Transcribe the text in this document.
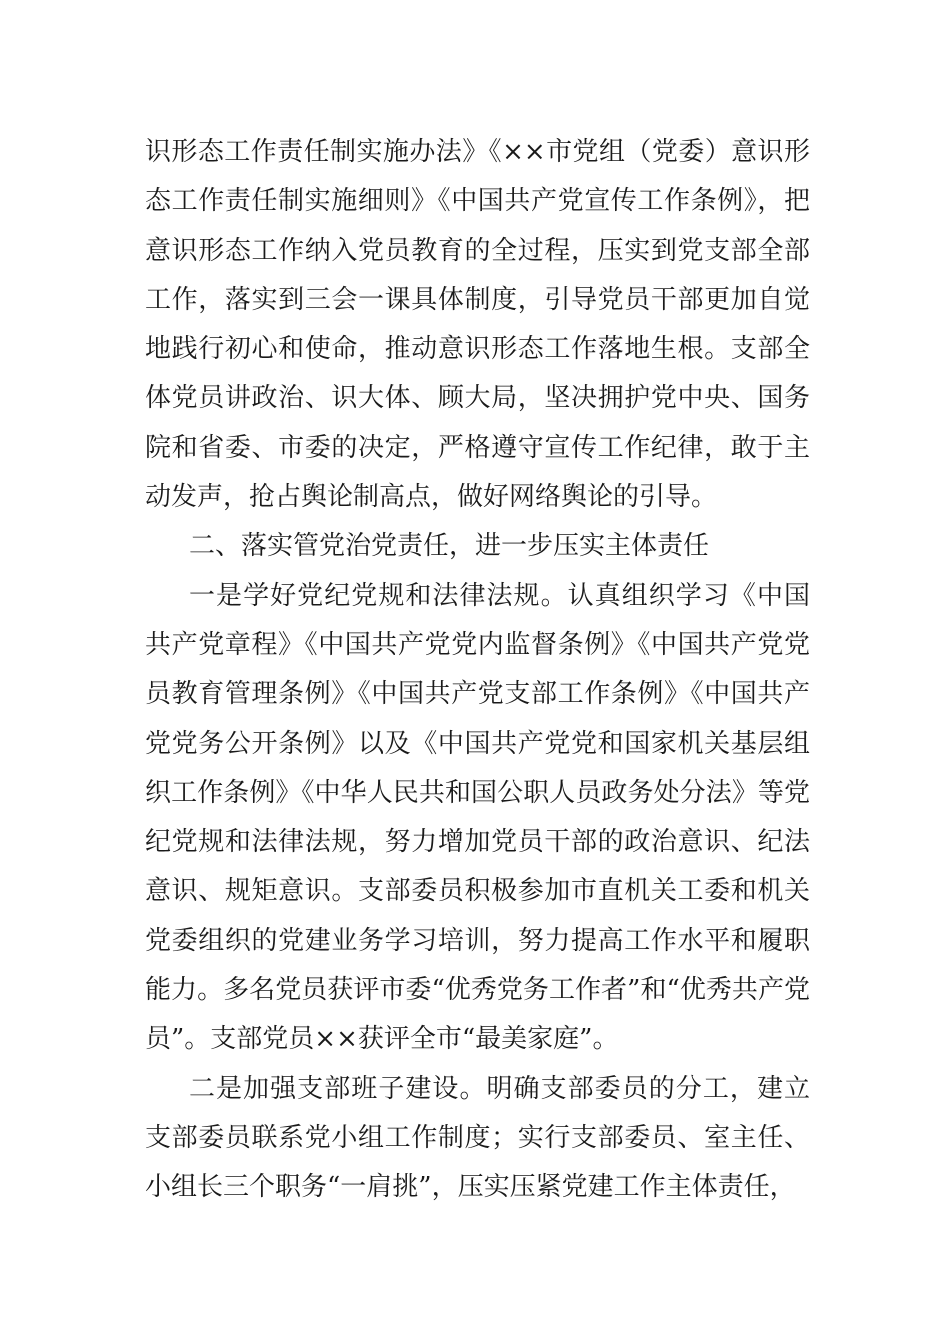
识形态工作责任制实施办法》《××市党组（党委）意识形态工作责任制实施细则》《中国共产党宣传工作条例》，把意识形态工作纳入党员教育的全过程，压实到党支部全部工作，落实到三会一课具体制度，引导党员干部更加自觉地践行初心和使命，推动意识形态工作落地生根。支部全体党员讲政治、识大体、顾大局，坚决拥护党中央、国务院和省委、市委的决定，严格遵守宣传工作纪律，敢于主动发声，抢占舆论制高点，做好网络舆论的引导。

二、落实管党治党责任，进一步压实主体责任

一是学好党纪党规和法律法规。认真组织学习《中国共产党章程》《中国共产党党内监督条例》《中国共产党党员教育管理条例》《中国共产党支部工作条例》《中国共产党党务公开条例》以及《中国共产党党和国家机关基层组织工作条例》《中华人民共和国公职人员政务处分法》等党纪党规和法律法规，努力增加党员干部的政治意识、纪法意识、规矩意识。支部委员积极参加市直机关工委和机关党委组织的党建业务学习培训，努力提高工作水平和履职能力。多名党员获评市委“优秀党务工作者”和“优秀共产党员”。支部党员××获评全市“最美家庭”。

二是加强支部班子建设。明确支部委员的分工，建立支部委员联系党小组工作制度；实行支部委员、室主任、小组长三个职务“一肩挑”，压实压紧党建工作主体责任，
